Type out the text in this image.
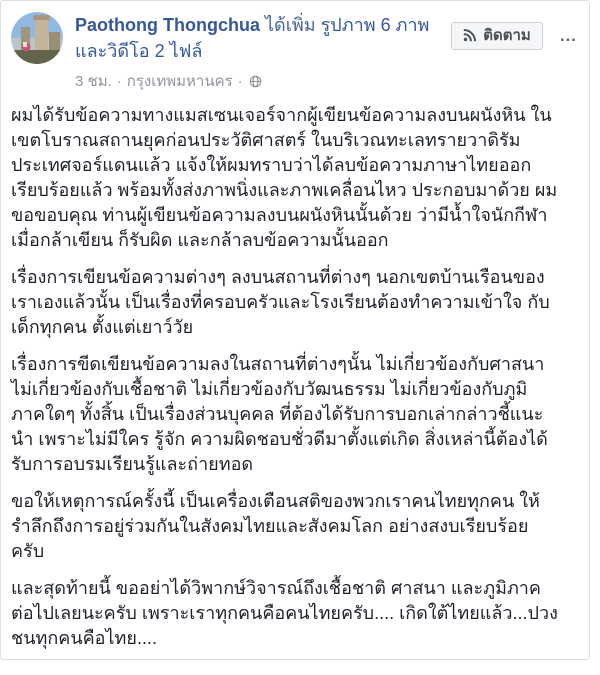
Paothong Thongchua ได้เพิ่ม รูปภาพ 6 ภาพและวิดีโอ 2 ไฟล์
3 ชม. · กรุงเทพมหานคร ·
ติดตาม ...

ผมได้รับข้อความทางแมสเซนเจอร์จากผู้เขียนข้อความลงบนผนังหิน ในเขตโบราณสถานยุคก่อนประวัติศาสตร์ ในบริเวณทะเลทรายวาดิรัม ประเทศจอร์แดนแล้ว แจ้งให้ผมทราบว่าได้ลบข้อความภาษาไทยออกเรียบร้อยแล้ว พร้อมทั้งส่งภาพนิ่งและภาพเคลื่อนไหว ประกอบมาด้วย ผมขอขอบคุณ ท่านผู้เขียนข้อความลงบนผนังหินนั้นด้วย ว่ามีน้ำใจนักกีฬา เมื่อกล้าเขียน ก็รับผิด และกล้าลบข้อความนั้นออก

เรื่องการเขียนข้อความต่างๆ ลงบนสถานที่ต่างๆ นอกเขตบ้านเรือนของเราเองแล้วนั้น เป็นเรื่องที่ครอบครัวและโรงเรียนต้องทำความเข้าใจ กับเด็กทุกคน ตั้งแต่เยาว์วัย

เรื่องการขีดเขียนข้อความลงในสถานที่ต่างๆนั้น ไม่เกี่ยวข้องกับศาสนา ไม่เกี่ยวข้องกับเชื้อชาติ ไม่เกี่ยวข้องกับวัฒนธรรม ไม่เกี่ยวข้องกับภูมิภาคใดๆ ทั้งสิ้น เป็นเรื่องส่วนบุคคล ที่ต้องได้รับการบอกเล่ากล่าวชี้แนะนำ เพราะไม่มีใคร รู้จัก ความผิดชอบชั่วดีมาตั้งแต่เกิด สิ่งเหล่านี้ต้องได้รับการอบรมเรียนรู้และถ่ายทอด

ขอให้เหตุการณ์ครั้งนี้ เป็นเครื่องเตือนสติของพวกเราคนไทยทุกคน ให้รำลึกถึงการอยู่ร่วมกันในสังคมไทยและสังคมโลก อย่างสงบเรียบร้อยครับ

และสุดท้ายนี้ ขออย่าได้วิพากษ์วิจารณ์ถึงเชื้อชาติ ศาสนา และภูมิภาค ต่อไปเลยนะครับ เพราะเราทุกคนคือคนไทยครับ.... เกิดใต้ไทยแล้ว...ปวงชนทุกคนคือไทย....
